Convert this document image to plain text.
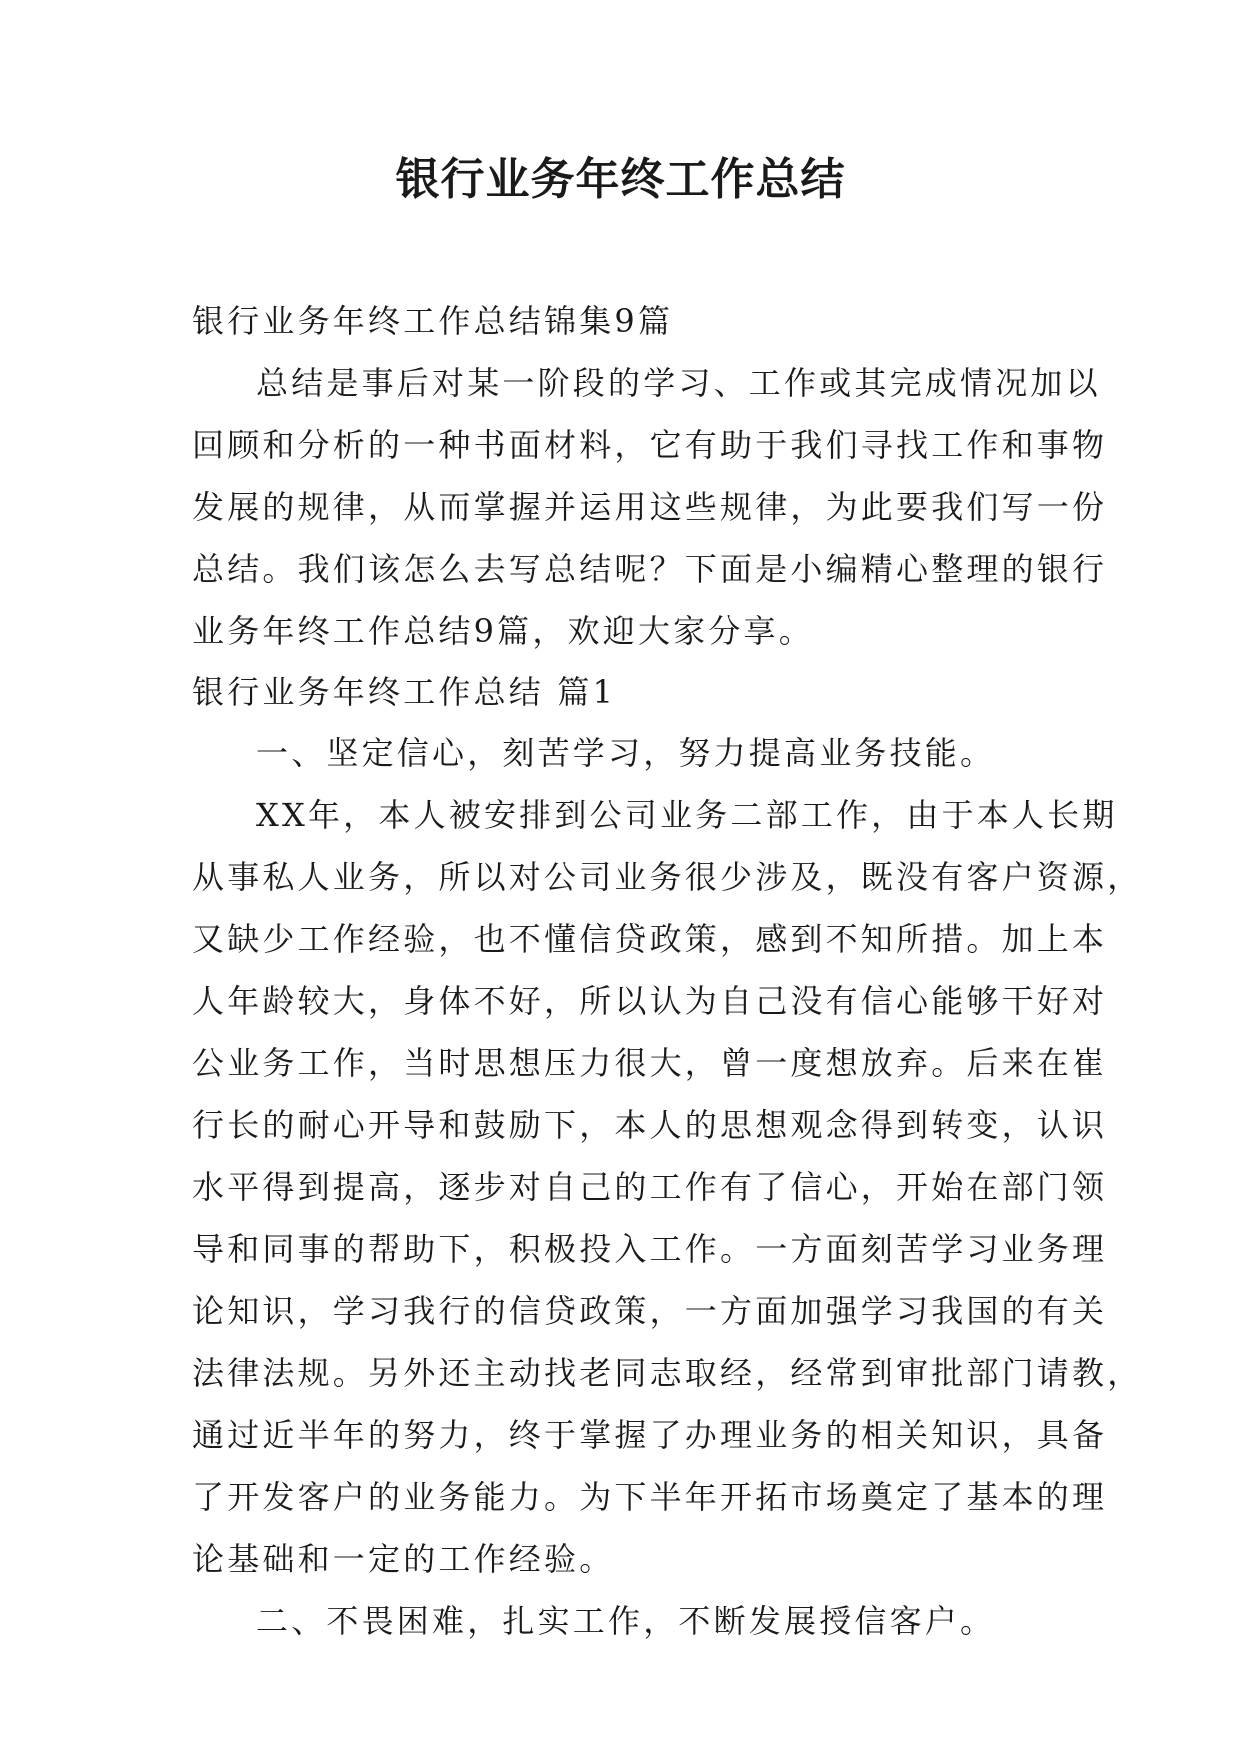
银行业务年终工作总结
银行业务年终工作总结锦集9篇
总结是事后对某一阶段的学习、工作或其完成情况加以
回顾和分析的一种书面材料，它有助于我们寻找工作和事物
发展的规律，从而掌握并运用这些规律，为此要我们写一份
总结。我们该怎么去写总结呢？下面是小编精心整理的银行
业务年终工作总结9篇，欢迎大家分享。
银行业务年终工作总结 篇1
一、坚定信心，刻苦学习，努力提高业务技能。
XX年，本人被安排到公司业务二部工作，由于本人长期
从事私人业务，所以对公司业务很少涉及，既没有客户资源，
又缺少工作经验，也不懂信贷政策，感到不知所措。加上本
人年龄较大，身体不好，所以认为自己没有信心能够干好对
公业务工作，当时思想压力很大，曾一度想放弃。后来在崔
行长的耐心开导和鼓励下，本人的思想观念得到转变，认识
水平得到提高，逐步对自己的工作有了信心，开始在部门领
导和同事的帮助下，积极投入工作。一方面刻苦学习业务理
论知识，学习我行的信贷政策，一方面加强学习我国的有关
法律法规。另外还主动找老同志取经，经常到审批部门请教，
通过近半年的努力，终于掌握了办理业务的相关知识，具备
了开发客户的业务能力。为下半年开拓市场奠定了基本的理
论基础和一定的工作经验。
二、不畏困难，扎实工作，不断发展授信客户。
